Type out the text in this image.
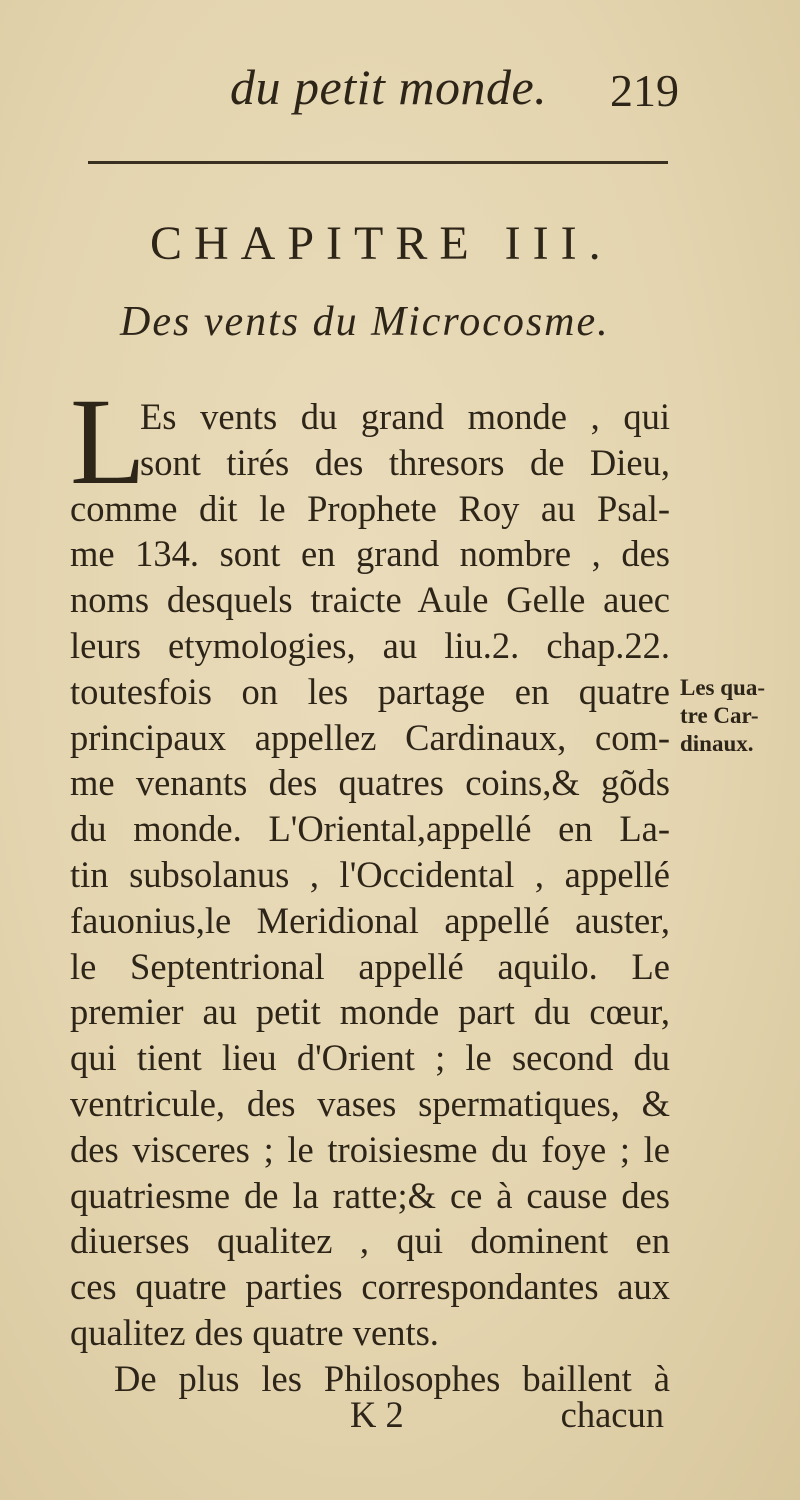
du petit monde. 219
CHAPITRE III.
Des vents du Microcosme.
L
Es vents du grand monde , qui
sont tirés des thresors de Dieu,
comme dit le Prophete Roy au Psal-
me 134. sont en grand nombre , des
noms desquels traicte Aule Gelle auec
leurs etymologies, au liu.2. chap.22.
toutesfois on les partage en quatre
principaux appellez Cardinaux, com-
me venants des quatres coins,& gõds
du monde. L'Oriental,appellé en La-
tin subsolanus , l'Occidental , appellé
fauonius,le Meridional appellé auster,
le Septentrional appellé aquilo. Le
premier au petit monde part du cœur,
qui tient lieu d'Orient ; le second du
ventricule, des vases spermatiques, &
des visceres ; le troisiesme du foye ; le
quatriesme de la ratte;& ce à cause des
diuerses qualitez , qui dominent en
ces quatre parties correspondantes aux
qualitez des quatre vents.
De plus les Philosophes baillent à
Les qua-
tre Car-
dinaux.
K 2	chacun
